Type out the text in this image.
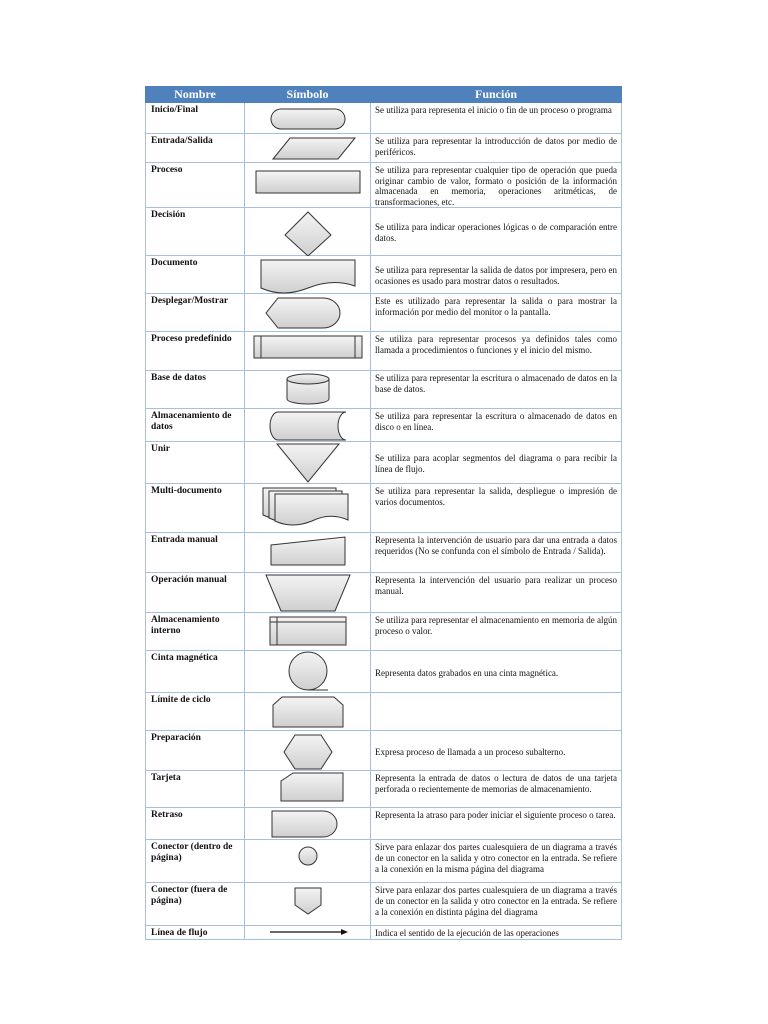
Nombre	Símbolo	Función
Inicio/Final		Se utiliza para representa el inicio o fin de un proceso o programa
Entrada/Salida		Se utiliza para representar la introducción de datos por medio de periféricos.
Proceso		Se utiliza para representar cualquier tipo de operación que pueda originar cambio de valor, formato o posición de la información almacenada en memoria, operaciones aritméticas, de transformaciones, etc.
Decisión		Se utiliza para indicar operaciones lógicas o de comparación entre datos.
Documento		Se utiliza para representar la salida de datos por impresera, pero en ocasiones es usado para mostrar datos o resultados.
Desplegar/Mostrar		Este es utilizado para representar la salida o para mostrar la información por medio del monitor o la pantalla.
Proceso predefinido		Se utiliza para representar procesos ya definidos tales como llamada a procedimientos o funciones y el inicio del mismo.
Base de datos		Se utiliza para representar la escritura o almacenado de datos en la base de datos.
Almacenamiento de datos		Se utiliza para representar la escritura o almacenado de datos en disco o en línea.
Unir		Se utiliza para acoplar segmentos del diagrama o para recibir la línea de flujo.
Multi-documento		Se utiliza para representar la salida, despliegue o impresión de varios documentos.
Entrada manual		Representa la intervención de usuario para dar una entrada a datos requeridos (No se confunda con el símbolo de Entrada / Salida).
Operación manual		Representa la intervención del usuario para realizar un proceso manual.
Almacenamiento interno		Se utiliza para representar el almacenamiento en memoria de algún proceso o valor.
Cinta magnética		Representa datos grabados en una cinta magnética.
Límite de ciclo	

Preparación		Expresa proceso de llamada a un proceso subalterno.
Tarjeta		Representa la entrada de datos o lectura de datos de una tarjeta perforada o recientemente de memorias de almacenamiento.
Retraso		Representa la atraso para poder iniciar el siguiente proceso o tarea.
Conector (dentro de página)		Sirve para enlazar dos partes cualesquiera de un diagrama a través de un conector en la salida y otro conector en la entrada. Se refiere a la conexión en la misma página del diagrama
Conector (fuera de página)		Sirve para enlazar dos partes cualesquiera de un diagrama a través de un conector en la salida y otro conector en la entrada. Se refiere a la conexión en distinta página del diagrama
Línea de flujo		Indica el sentido de la ejecución de las operaciones
